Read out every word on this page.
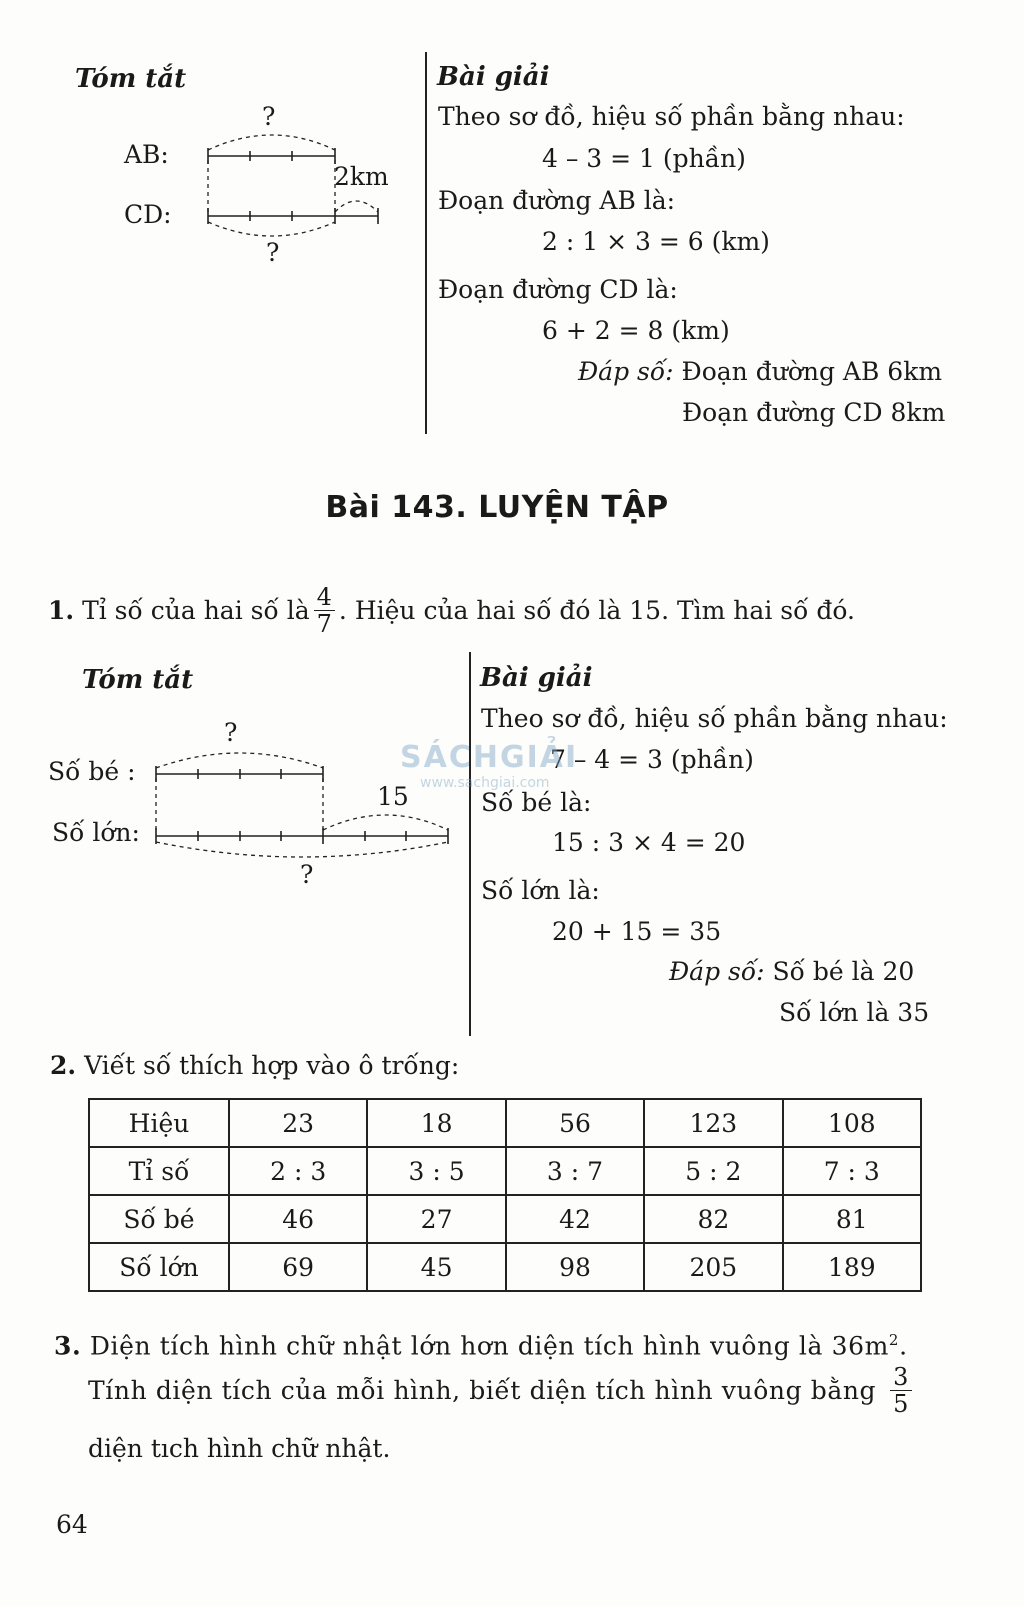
Tóm tắt
AB:
CD:
?
?
2km
Bài giải
Theo sơ đồ, hiệu số phần bằng nhau:
4 – 3 = 1 (phần)
Đoạn đường AB là:
2 : 1 × 3 = 6 (km)
Đoạn đường CD là:
6 + 2 = 8 (km)
Đáp số: Đoạn đường AB 6km
Đoạn đường CD 8km
Bài 143. LUYỆN TẬP
1.
Tỉ số của hai số là $\frac{4}{7}$ . Hiệu của hai số đó là 15. Tìm hai số đó.
Tóm tắt
Số bé :
Số lớn:
?
?
15
Bài giải
Theo sơ đồ, hiệu số phần bằng nhau:
7 – 4 = 3 (phần)
Số bé là:
15 : 3 × 4 = 20
Số lớn là:
20 + 15 = 35
Đáp số: Số bé là 20
Số lớn là 35
SÁCHGIẢI
www.sachgiai.com
2. Viết số thích hợp vào ô trống:
Hiệu	23	18	56	123	108
Tỉ số	2 : 3	3 : 5	3 : 7	5 : 2	7 : 3
Số bé	46	27	42	82	81
Số lớn	69	45	98	205	189
3. Diện tích hình chữ nhật lớn hơn diện tích hình vuông là $36m^2$.
Tính diện tích của mỗi hình, biết diện tích hình vuông bằng $\frac{3}{5}$
diện tıch hình chữ nhật.
64
